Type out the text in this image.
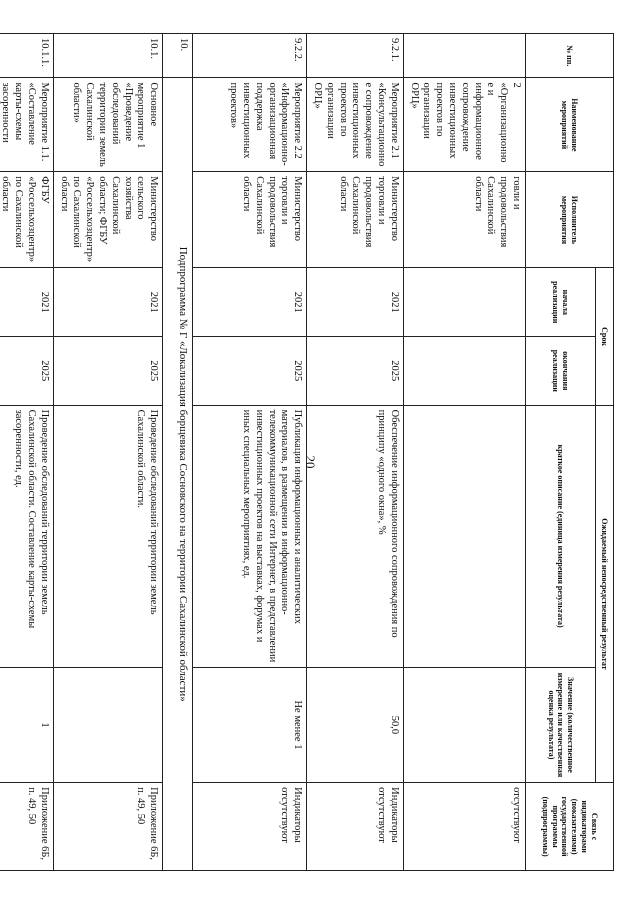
20
№ пп.	Наименование мероприятий	Исполнитель мероприятия	Срок		Ожидаемый непосредственный результат		Связь с индикаторами (показателями) государственной программы (подпрограммы)
			начала реализации	окончания реализации	краткое описание (единица измерения результата)	Значение (количественное измерение или качественная оценка результата)	
	2 «Организационное и информационное сопровождение инвестиционных проектов по организации ОРЦ»	говли и продовольствия Сахалинской области					отсутствуют
9.2.1.	Мероприятие 2.1 «Консультационное сопровождение инвестиционных проектов по организации ОРЦ»	Министерство торговли и продовольствия Сахалинской области	2021	2025	Обеспечение информационного сопровождения по принципу «одного окна», %	50,0	Индикаторы отсутствуют
9.2.2.	Мероприятие 2.2 «Информационно-организационная поддержка инвестиционных проектов»	Министерство торговли и продовольствия Сахалинской области	2021	2025	Публикация информационных и аналитических материалов, в размещении в информационно-телекоммуникационной сети Интернет, в представлении инвестиционных проектов на выставках, форумах и иных специальных мероприятиях, ед.	Не менее 1	Индикаторы отсутствуют
10.	Подпрограмма № Г «Локализация борщевика Сосновского на территории Сахалинской области»						
10.1.	Основное мероприятие 1 «Проведение обследований территории земель Сахалинской области»	Министерство сельского хозяйства Сахалинской области; ФГБУ «Россельхозцентр» по Сахалинской области	2021	2025	Проведение обследований территории земель Сахалинской области.		Приложение 6Б, п. 49, 50
10.1.1.	Мероприятие 1.1. «Составление карты-схемы засоренности	ФГБУ «Россельхозцентр» по Сахалинской области	2021	2025	Проведение обследований территории земель Сахалинской области. Составление карты-схемы засоренности, ед.	1	Приложение 6Б, п. 49, 50
